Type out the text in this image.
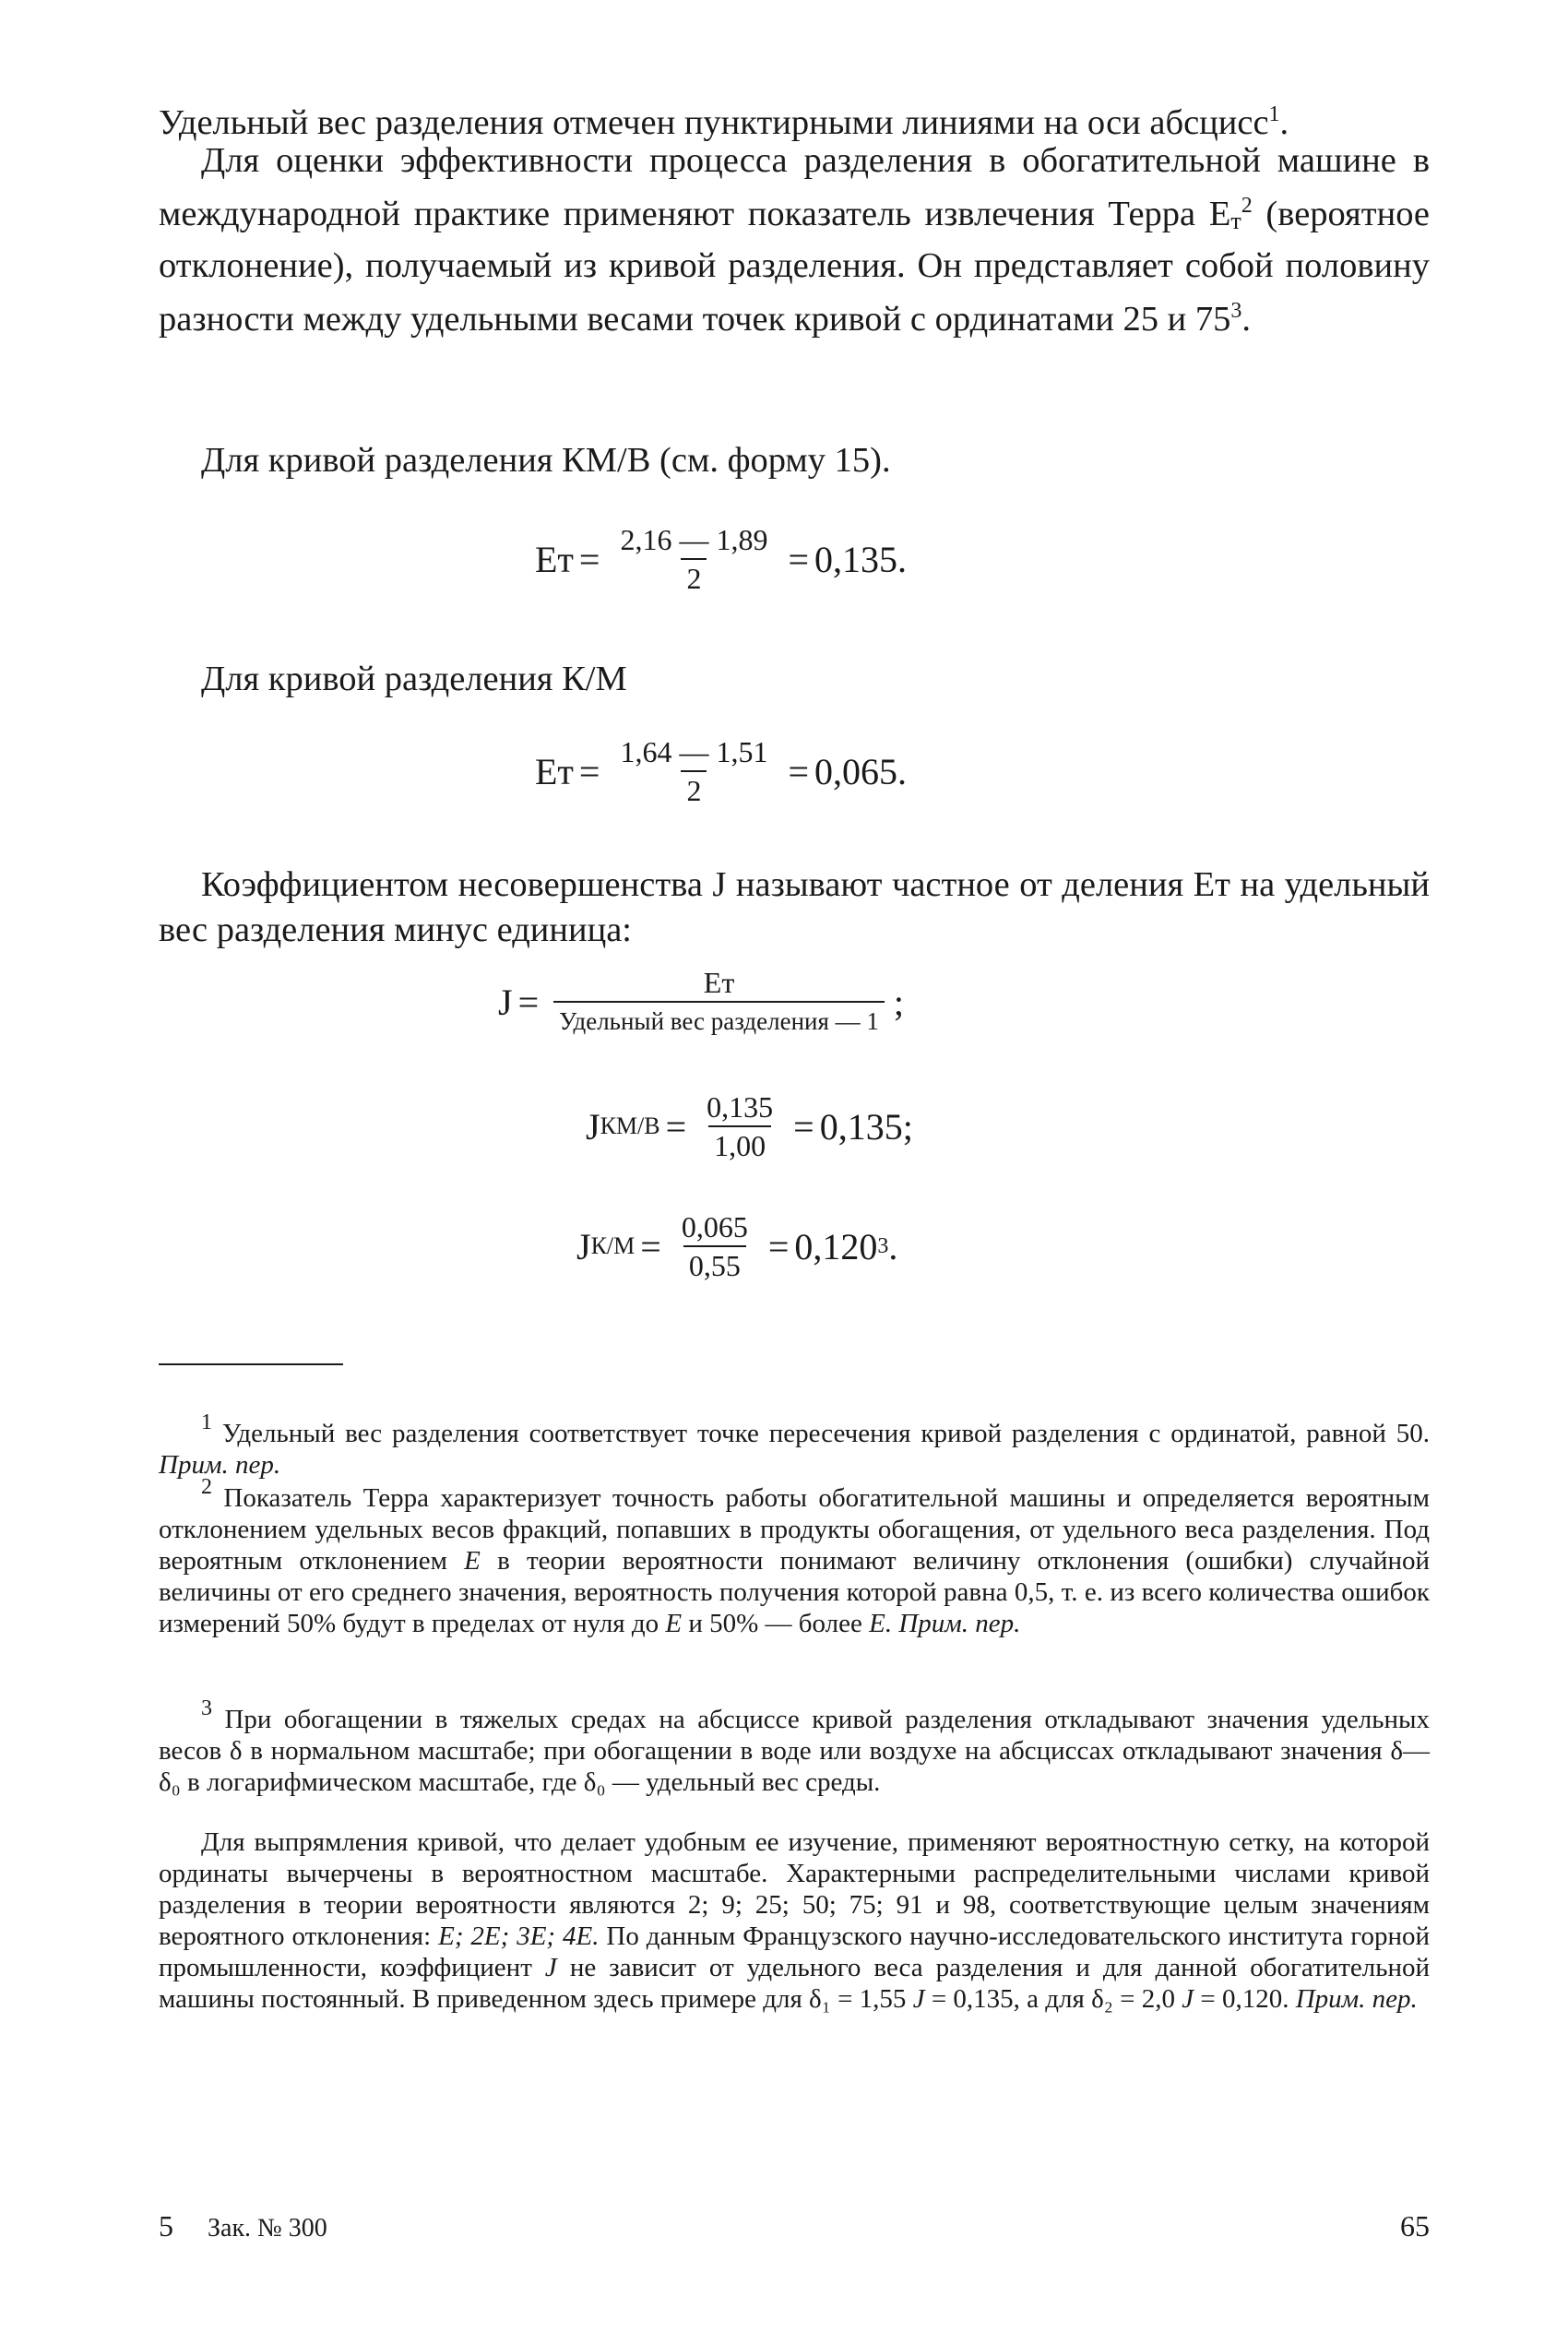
Удельный вес разделения отмечен пунктирными линиями на оси абсцисс$^1$.

Для оценки эффективности процесса разделения в обогатительной машине в международной практике применяют показатель извлечения Терра $Ет^2$ (вероятное отклонение), получаемый из кривой разделения. Он представляет собой половину разности между удельными весами точек кривой с ординатами 25 и $75^3$.

Для кривой разделения КМ/В (см. форму 15).

Eт = $\frac{2,16 — 1,89}{2} = 0,135$.

Для кривой разделения К/М

Eт = $\frac{1,64 — 1,51}{2} = 0,065$.

Коэффициентом несовершенства J называют частное от деления Eт на удельный вес разделения минус единица:

$J = \frac{Eт}{\text{Удельный вес разделения — 1}}$ ;
J $КМ/В = \frac{0,135}{1,00} = 0,135$;
J $К/М = \frac{0,065}{0,55} = 0,120$ 3 .

$^1$ Удельный вес разделения соответствует точке пересечения кривой разделения с ординатой, равной 50. Прим. пер.

$^2$ Показатель Терра характеризует точность работы обогатительной машины и определяется вероятным отклонением удельных весов фракций, попавших в продукты обогащения, от удельного веса разделения. Под вероятным отклонением E в теории вероятности понимают величину отклонения (ошибки) случайной величины от его среднего значения, вероятность получения которой равна 0,5, т. е. из всего количества ошибок измерений 50% будут в пределах от нуля до E и 50% — более E. Прим. пер.

$^3$ При обогащении в тяжелых средах на абсциссе кривой разделения откладывают значения удельных весов δ в нормальном масштабе; при обогащении в воде или воздухе на абсциссах откладывают значения δ—δ₀ в логарифмическом масштабе, где δ₀ — удельный вес среды.

Для выпрямления кривой, что делает удобным ее изучение, применяют вероятностную сетку, на которой ординаты вычерчены в вероятностном масштабе. Характерными распределительными числами кривой разделения в теории вероятности являются 2; 9; 25; 50; 75; 91 и 98, соответствующие целым значениям вероятного отклонения: E; 2E; 3E; 4E. По данным Французского научно-исследовательского института горной промышленности, коэффициент J не зависит от удельного веса разделения и для данной обогатительной машины постоянный. В приведенном здесь примере для δ₁ = 1,55 J = 0,135, а для δ₂ = 2,0 J = 0,120. Прим. пер.

5 Зак. № 300	65
